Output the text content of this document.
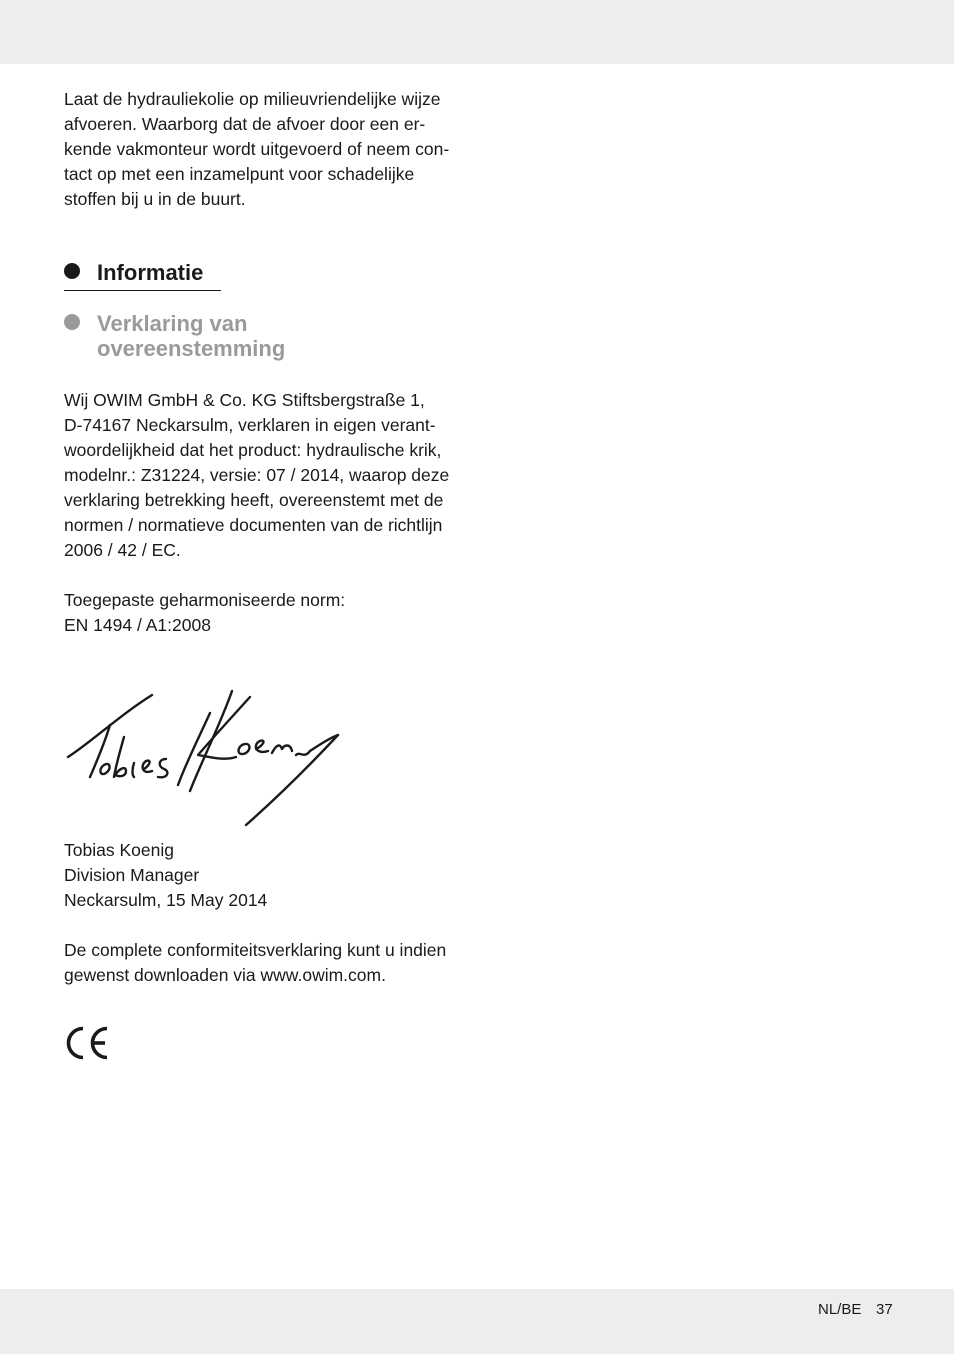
Laat de hydrauliekolie op milieuvriendelijke wijze
afvoeren. Waarborg dat de afvoer door een er-
kende vakmonteur wordt uitgevoerd of neem con-
tact op met een inzamelpunt voor schadelijke
stoffen bij u in de buurt.

Informatie
Verklaring van
overeenstemming

Wij OWIM GmbH & Co. KG Stiftsbergstraße 1,
D-74167 Neckarsulm, verklaren in eigen verant-
woordelijkheid dat het product: hydraulische krik,
modelnr.: Z31224, versie: 07 / 2014, waarop deze
verklaring betrekking heeft, overeenstemt met de
normen / normatieve documenten van de richtlijn
2006 / 42 / EC.

Toegepaste geharmoniseerde norm:
EN 1494 / A1:2008

Tobias Koenig
Division Manager
Neckarsulm, 15 May 2014

De complete conformiteitsverklaring kunt u indien
gewenst downloaden via www.owim.com.

NL/BE 37
